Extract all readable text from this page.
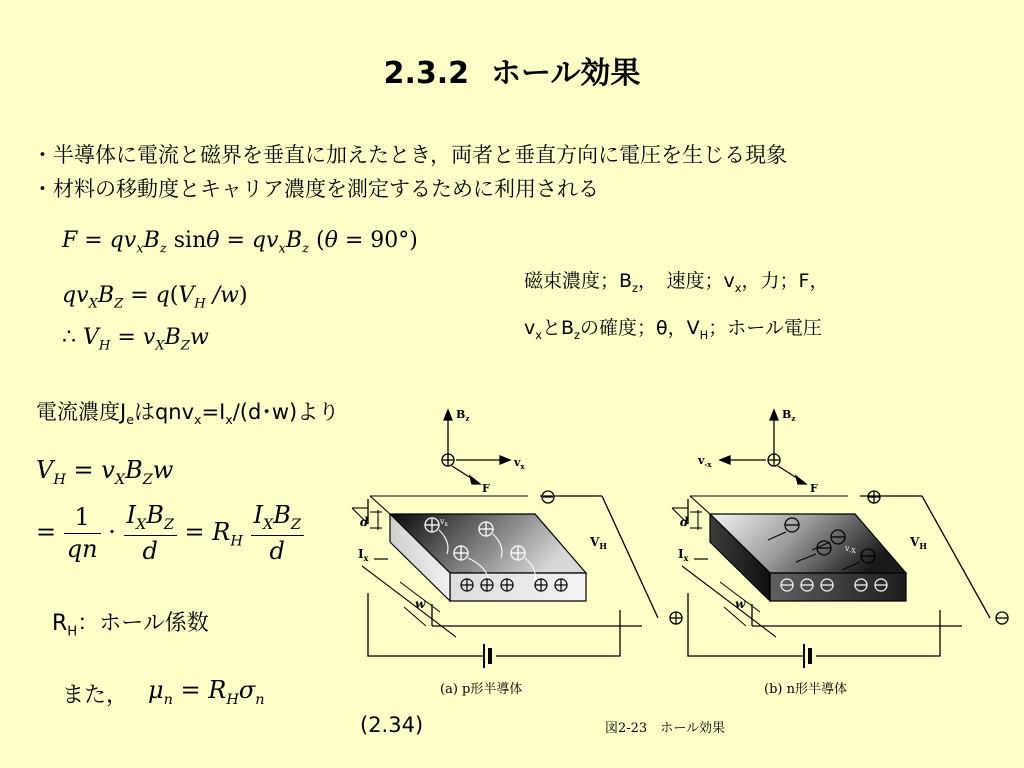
2.3.2 ホール効果
・半導体に電流と磁界を垂直に加えたとき，両者と垂直方向に電圧を生じる現象
・材料の移動度とキャリア濃度を測定するために利用される
$F = qv_xB_z$ $\sin\theta = qv_xB_z$ (θ = 90°)
$qv_XB_Z = q(V_H$ /w)
∴ $V_H = v_XB_Zw$
磁束濃度；$B_z$，　速度；$v_x$，力；F，
$v_x$と$B_z$の確度；θ，$V_H$；ホール電圧
電流濃度$J_e$は$qnv_x=I_x/(d$･w)より
$V_H = v_XB_Zw$
= $\frac{1}{qn} \cdot \frac{I_XB_Z}{d} = R_H \frac{I_XB_Z}{d}$
$R_H$：ホール係数
また， $\mu_n = R_H\sigma_n$
(2.34)
d
$I_x$
w
$V_H$
$v_x$
$B_z$
$v_x$
F
(a) p形半導体
d
$I_x$
w
$V_H$
$v_{-X}$
$B_z$
$v_{-x}$
F
(b) n形半導体
図2-23　ホール効果
